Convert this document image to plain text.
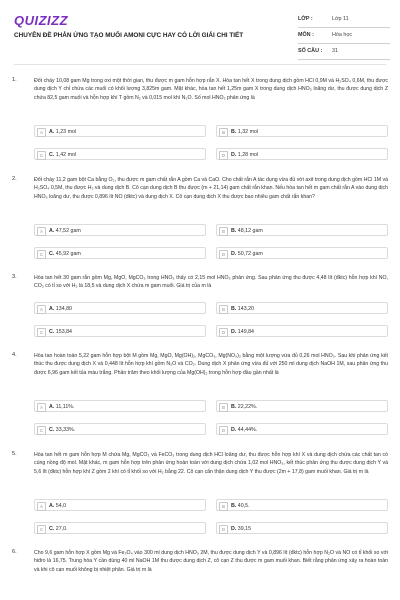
QUIZIZZ
CHUYÊN ĐỀ PHẢN ỨNG TẠO MUỐI AMONI CỰC HAY CÓ LỜI GIẢI CHI TIẾT
LỚP :	Lớp 11
MÔN :	Hóa học
SỐ CÂU : 31
1.	Đốt cháy 10,08 gam Mg trong oxi một thời gian, thu được m gam hỗn hợp rắn X. Hòa tan hết X trong dung dịch gồm HCl 0,9M và H₂SO₄ 0,6M, thu được dung dịch Y chỉ chứa các muối có khối lượng 3,825m gam. Mặt khác, hòa tan hết 1,25m gam X trong dung dịch HNO₃ loãng dư, thu được dung dịch Z chứa 82,5 gam muối và hỗn hợp khí T gồm N₂ và 0,015 mol khí N₂O. Số mol HNO₃ phản ứng là
A	A. 1,23 mol	B	B. 1,32 mol
C	C. 1,42 mol	D	D. 1,28 mol
2.	Đốt cháy 11,2 gam bột Ca bằng O₂, thu được m gam chất rắn A gồm Ca và CaO. Cho chất rắn A tác dụng vừa đủ với axit trong dung dịch gồm HCl 1M và H₂SO₄ 0,5M, thu được H₂ và dung dịch B. Cô cạn dung dịch B thu được (m + 21,14) gam chất rắn khan. Nếu hòa tan hết m gam chất rắn A vào dung dịch HNO₃ loãng dư, thu được 0,896 lít NO (đktc) và dung dịch X. Cô cạn dung dịch X thu được bao nhiêu gam chất rắn khan?
A	A. 47,52 gam	B	B. 48,12 gam
C	C. 45,92 gam	D	D. 50,72 gam
3.	Hòa tan hết 30 gam rắn gồm Mg, MgO, MgCO₃ trong HNO₃ thấy có 2,15 mol HNO₃ phản ứng. Sau phản ứng thu được 4,48 lít (đktc) hỗn hợp khí NO, CO₂ có tỉ so với H₂ là 18,5 và dung dịch X chứa m gam muối. Giá trị của m là
A	A. 134,80	B	B. 143,20
C	C. 153,84	D	D. 149,84
4.	Hòa tan hoàn toàn 5,22 gam hỗn hợp bột M gồm Mg, MgO, Mg(OH)₂, MgCO₃, Mg(NO₃)₂ bằng một lượng vừa đủ 0,26 mol HNO₃. Sau khi phản ứng kết thúc thu được dung dịch X và 0,448 lít hỗn hợp khí gồm N₂O và CO₂. Dung dịch X phản ứng vừa đủ với 250 ml dung dịch NaOH 1M, sau phản ứng thu được 6,96 gam kết tủa màu trắng. Phần trăm theo khối lượng của Mg(OH)₂ trong hỗn hợp đầu gần nhất là
A	A. 11,11%.	B	B. 22,22%.
C	C. 33,33%.	D	D. 44,44%.
5.	Hòa tan hết m gam hỗn hợp M chứa Mg, MgCO₃ và FeCO₃ trong dung dịch HCl loãng dư, thu được hỗn hợp khí X và dung dịch chứa các chất tan có cùng nồng độ mol. Mặt khác, m gam hỗn hợp trên phản ứng hoàn toàn với dung dịch chứa 1,02 mol HNO₃, kết thúc phản ứng thu được dung dịch Y và 5,6 lít (đktc) hỗn hợp khí Z gồm 2 khí có tỉ khối so với H₂ bằng 22. Cô cạn cẩn thận dung dịch Y thu được (2m + 17,8) gam muối khan. Giá trị m là
A	A. 54,0	B	B. 40,5.
C	C. 27,0.	D	D. 39,15
6.	Cho 9,6 gam hỗn hợp X gồm Mg và Fe₃O₄ vào 300 ml dung dịch HNO₃ 2M, thu được dung dịch Y và 0,896 lít (đktc) hỗn hợp N₂O và NO có tỉ khối so với hiđro là 16,75. Trung hòa Y cần dùng 40 ml NaOH 1M thu được dung dịch Z, cô cạn Z thu được m gam muối khan. Biết rằng phản ứng xảy ra hoàn toàn và khi cô cạn muối không bị nhiệt phân. Giá trị m là
